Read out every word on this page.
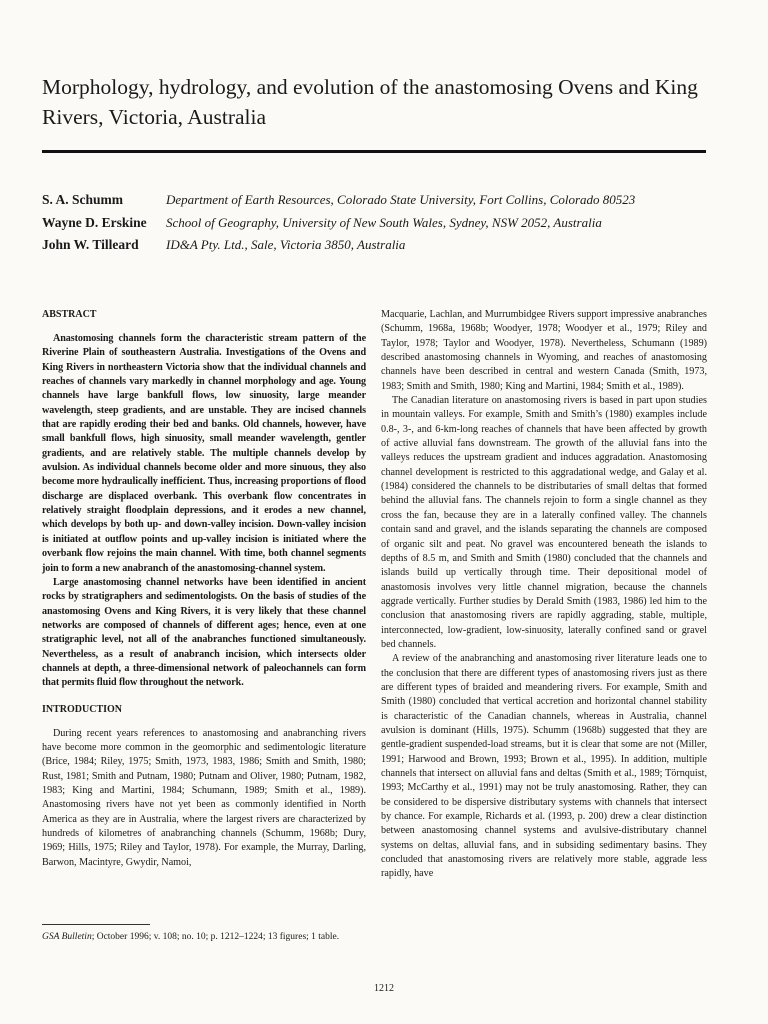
Morphology, hydrology, and evolution of the anastomosing Ovens and King Rivers, Victoria, Australia
S. A. Schumm	Department of Earth Resources, Colorado State University, Fort Collins, Colorado 80523
Wayne D. Erskine School of Geography, University of New South Wales, Sydney, NSW 2052, Australia
John W. Tilleard ID&A Pty. Ltd., Sale, Victoria 3850, Australia

ABSTRACT

Anastomosing channels form the characteristic stream pattern of the Riverine Plain of southeastern Australia. Investigations of the Ovens and King Rivers in northeastern Victoria show that the individual channels and reaches of channels vary markedly in channel morphology and age. Young channels have large bankfull flows, low sinuosity, large meander wavelength, steep gradients, and are unstable. They are incised channels that are rapidly eroding their bed and banks. Old channels, however, have small bankfull flows, high sinuosity, small meander wavelength, gentler gradients, and are relatively stable. The multiple channels develop by avulsion. As individual channels become older and more sinuous, they also become more hydraulically inefficient. Thus, increasing proportions of flood discharge are displaced overbank. This overbank flow concentrates in relatively straight floodplain depressions, and it erodes a new channel, which develops by both up- and down-valley incision. Down-valley incision is initiated at outflow points and up-valley incision is initiated where the overbank flow rejoins the main channel. With time, both channel segments join to form a new anabranch of the anastomosing-channel system.

Large anastomosing channel networks have been identified in ancient rocks by stratigraphers and sedimentologists. On the basis of studies of the anastomosing Ovens and King Rivers, it is very likely that these channel networks are composed of channels of different ages; hence, even at one stratigraphic level, not all of the anabranches functioned simultaneously. Nevertheless, as a result of anabranch incision, which intersects older channels at depth, a three-dimensional network of paleochannels can form that permits fluid flow throughout the network.

INTRODUCTION

During recent years references to anastomosing and anabranching rivers have become more common in the geomorphic and sedimentologic literature (Brice, 1984; Riley, 1975; Smith, 1973, 1983, 1986; Smith and Smith, 1980; Rust, 1981; Smith and Putnam, 1980; Putnam and Oliver, 1980; Putnam, 1982, 1983; King and Martini, 1984; Schumann, 1989; Smith et al., 1989). Anastomosing rivers have not yet been as commonly identified in North America as they are in Australia, where the largest rivers are characterized by hundreds of kilometres of anabranching channels (Schumm, 1968b; Dury, 1969; Hills, 1975; Riley and Taylor, 1978). For example, the Murray, Darling, Barwon, Macintyre, Gwydir, Namoi,

Macquarie, Lachlan, and Murrumbidgee Rivers support impressive anabranches (Schumm, 1968a, 1968b; Woodyer, 1978; Woodyer et al., 1979; Riley and Taylor, 1978; Taylor and Woodyer, 1978). Nevertheless, Schumann (1989) described anastomosing channels in Wyoming, and reaches of anastomosing channels have been described in central and western Canada (Smith, 1973, 1983; Smith and Smith, 1980; King and Martini, 1984; Smith et al., 1989).

The Canadian literature on anastomosing rivers is based in part upon studies in mountain valleys. For example, Smith and Smith’s (1980) examples include 0.8-, 3-, and 6-km-long reaches of channels that have been affected by growth of active alluvial fans downstream. The growth of the alluvial fans into the valleys reduces the upstream gradient and induces aggradation. Anastomosing channel development is restricted to this aggradational wedge, and Galay et al. (1984) considered the channels to be distributaries of small deltas that formed behind the alluvial fans. The channels rejoin to form a single channel as they cross the fan, because they are in a laterally confined valley. The channels contain sand and gravel, and the islands separating the channels are composed of organic silt and peat. No gravel was encountered beneath the islands to depths of 8.5 m, and Smith and Smith (1980) concluded that the channels and islands build up vertically through time. Their depositional model of anastomosis involves very little channel migration, because the channels aggrade vertically. Further studies by Derald Smith (1983, 1986) led him to the conclusion that anastomosing rivers are rapidly aggrading, stable, multiple, interconnected, low-gradient, low-sinuosity, laterally confined sand or gravel bed channels.

A review of the anabranching and anastomosing river literature leads one to the conclusion that there are different types of anastomosing rivers just as there are different types of braided and meandering rivers. For example, Smith and Smith (1980) concluded that vertical accretion and horizontal channel stability is characteristic of the Canadian channels, whereas in Australia, channel avulsion is dominant (Hills, 1975). Schumm (1968b) suggested that they are gentle-gradient suspended-load streams, but it is clear that some are not (Miller, 1991; Harwood and Brown, 1993; Brown et al., 1995). In addition, multiple channels that intersect on alluvial fans and deltas (Smith et al., 1989; Törnquist, 1993; McCarthy et al., 1991) may not be truly anastomosing. Rather, they can be considered to be dispersive distributary systems with channels that intersect by chance. For example, Richards et al. (1993, p. 200) drew a clear distinction between anastomosing channel systems and avulsive-distributary channel systems on deltas, alluvial fans, and in subsiding sedimentary basins. They concluded that anastomosing rivers are relatively more stable, aggrade less rapidly, have

GSA Bulletin; October 1996; v. 108; no. 10; p. 1212–1224; 13 figures; 1 table.
1212
